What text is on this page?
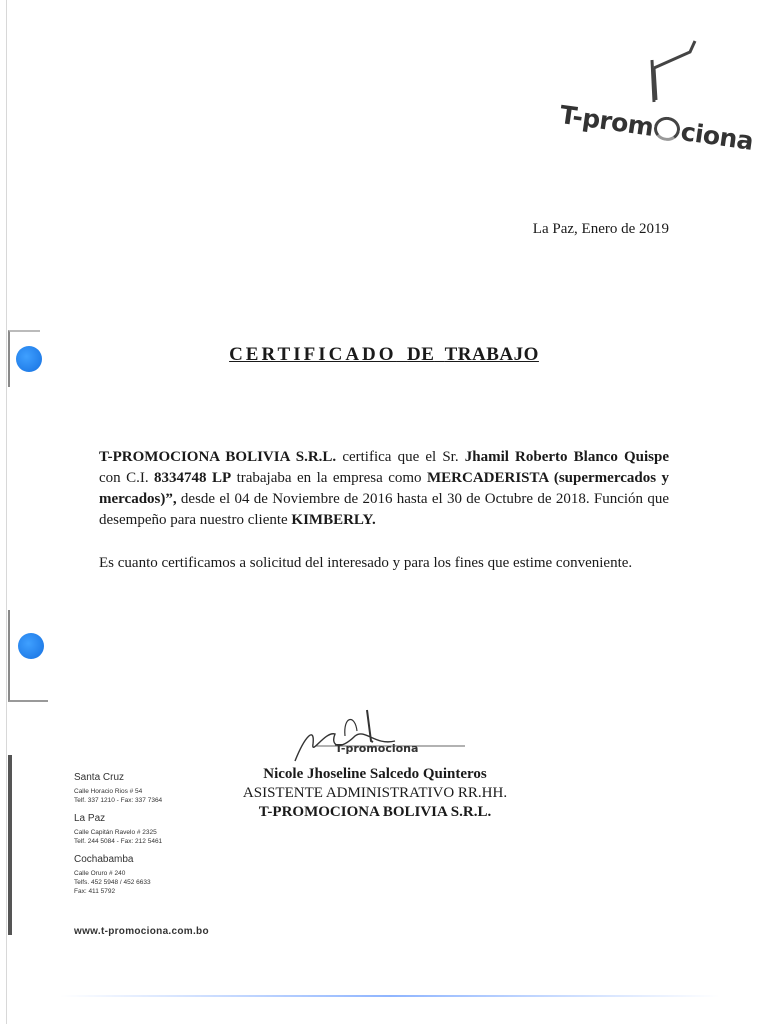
T-prom ciona
La Paz, Enero de 2019
CERTIFICADO DE TRABAJO
T-PROMOCIONA BOLIVIA S.R.L. certifica que el Sr. Jhamil Roberto Blanco Quispe con C.I. 8334748 LP trabajaba en la empresa como MERCADERISTA (supermercados y mercados)”, desde el 04 de Noviembre de 2016 hasta el 30 de Octubre de 2018. Función que desempeño para nuestro cliente KIMBERLY.
Es cuanto certificamos a solicitud del interesado y para los fines que estime conveniente.
T-promociona
Nicole Jhoseline Salcedo Quinteros
ASISTENTE ADMINISTRATIVO RR.HH.
T-PROMOCIONA BOLIVIA S.R.L.
Santa Cruz
Calle Horacio Rios # 54
Telf. 337 1210 - Fax: 337 7364
La Paz
Calle Capitán Ravelo # 2325
Telf. 244 5084 - Fax: 212 5461
Cochabamba
Calle Oruro # 240
Telfs. 452 5948 / 452 6633
Fax: 411 5792
www.t-promociona.com.bo
